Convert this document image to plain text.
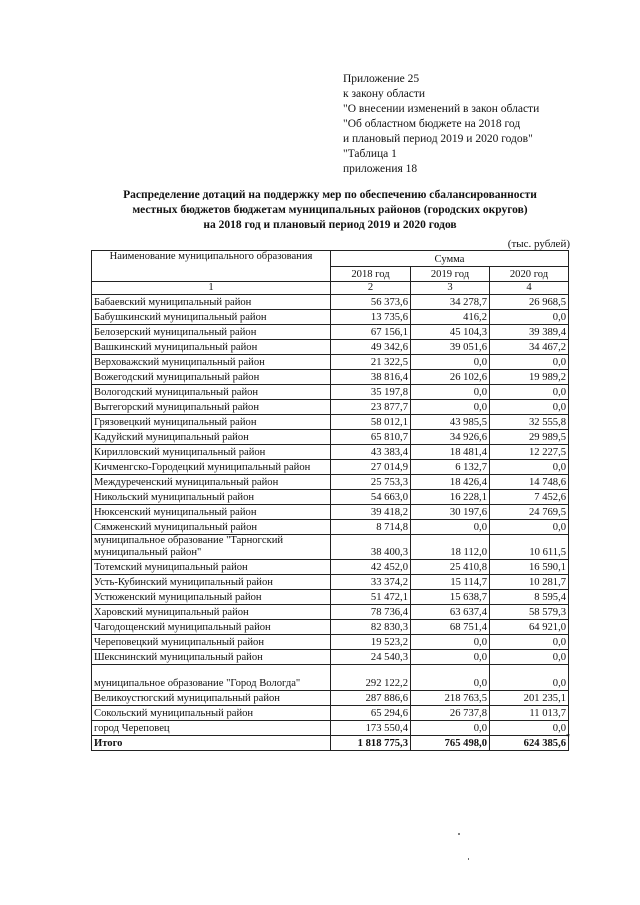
Приложение 25
к закону области
"О внесении изменений в закон области
"Об областном бюджете на 2018 год
и плановый период 2019 и 2020 годов"
"Таблица 1
приложения 18
Распределение дотаций на поддержку мер по обеспечению сбалансированности
местных бюджетов бюджетам муниципальных районов (городских округов)
на 2018 год и плановый период 2019 и 2020 годов
(тыс. рублей)
Наименование муниципального образования	Сумма		
	2018 год	2019 год	2020 год
1	2	3	4
Бабаевский муниципальный район	56 373,6	34 278,7	26 968,5
Бабушкинский муниципальный район	13 735,6	416,2	0,0
Белозерский муниципальный район	67 156,1	45 104,3	39 389,4
Вашкинский муниципальный район	49 342,6	39 051,6	34 467,2
Верховажский муниципальный район	21 322,5	0,0	0,0
Вожегодский муниципальный район	38 816,4	26 102,6	19 989,2
Вологодский муниципальный район	35 197,8	0,0	0,0
Вытегорский муниципальный район	23 877,7	0,0	0,0
Грязовецкий муниципальный район	58 012,1	43 985,5	32 555,8
Кадуйский муниципальный район	65 810,7	34 926,6	29 989,5
Кирилловский муниципальный район	43 383,4	18 481,4	12 227,5
Кичменгско-Городецкий муниципальный район	27 014,9	6 132,7	0,0
Междуреченский муниципальный район	25 753,3	18 426,4	14 748,6
Никольский муниципальный район	54 663,0	16 228,1	7 452,6
Нюксенский муниципальный район	39 418,2	30 197,6	24 769,5
Сямженский муниципальный район	8 714,8	0,0	0,0
муниципальное образование "Тарногский муниципальный район"	38 400,3	18 112,0	10 611,5
Тотемский муниципальный район	42 452,0	25 410,8	16 590,1
Усть-Кубинский муниципальный район	33 374,2	15 114,7	10 281,7
Устюженский муниципальный район	51 472,1	15 638,7	8 595,4
Харовский муниципальный район	78 736,4	63 637,4	58 579,3
Чагодощенский муниципальный район	82 830,3	68 751,4	64 921,0
Череповецкий муниципальный район	19 523,2	0,0	0,0
Шекснинский муниципальный район	24 540,3	0,0	0,0
муниципальное образование "Город Вологда"	292 122,2	0,0	0,0
Великоустюгский муниципальный район	287 886,6	218 763,5	201 235,1
Сокольский муниципальный район	65 294,6	26 737,8	11 013,7
город Череповец	173 550,4	0,0	0,0
Итого	1 818 775,3	765 498,0	624 385,6 "
